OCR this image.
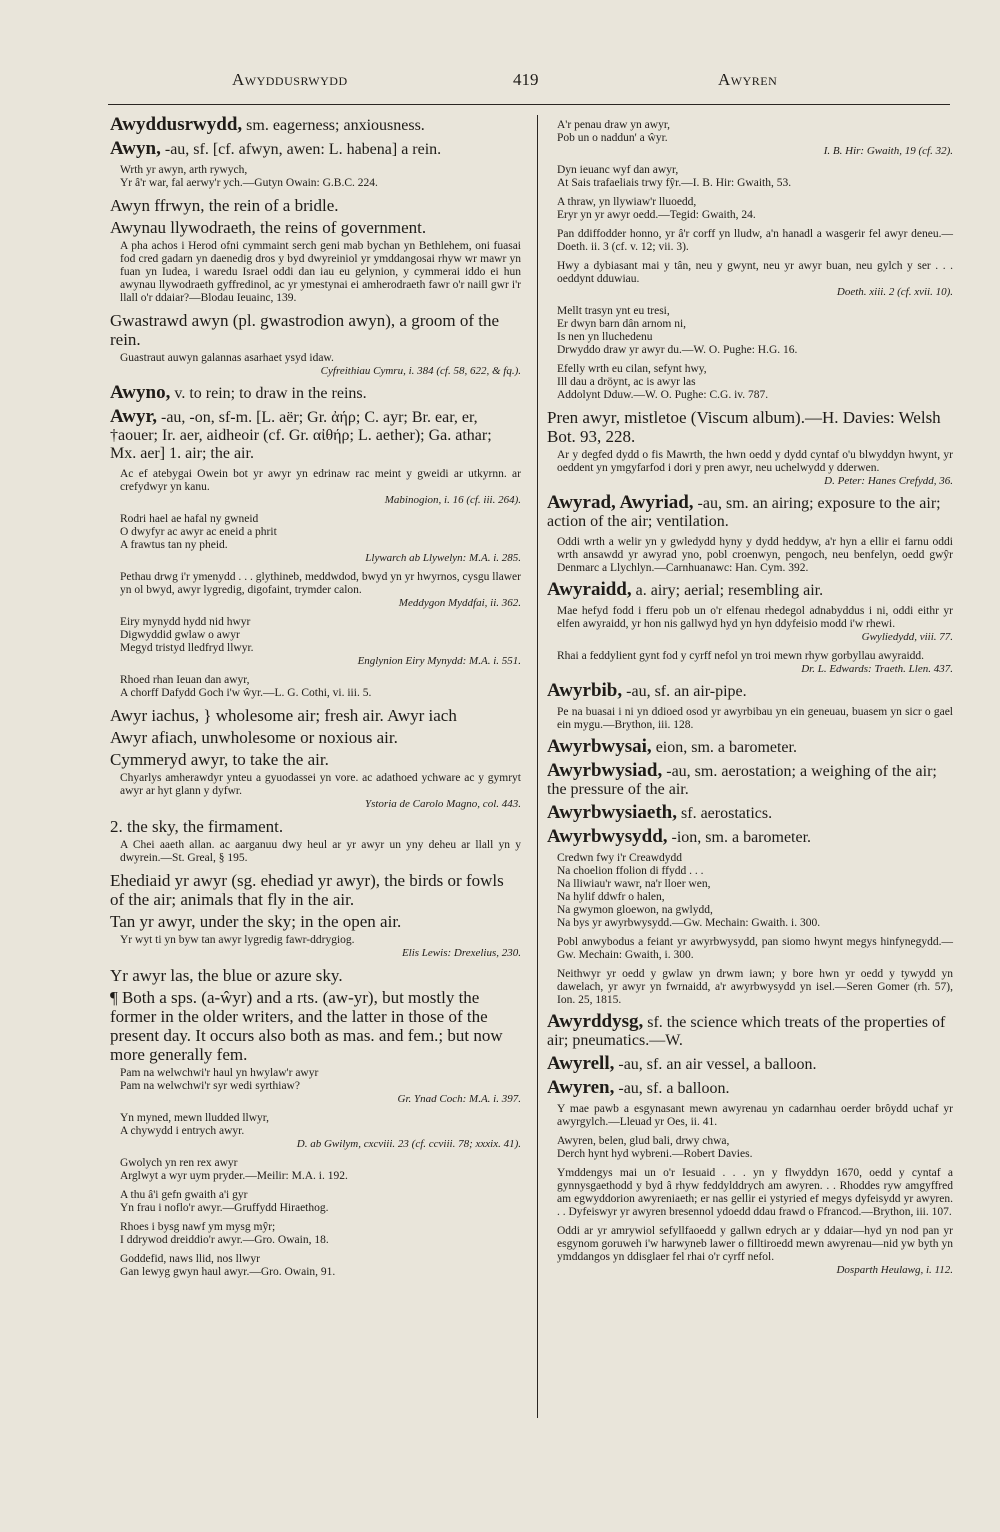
Awyddusrwydd	419	Awyren

Awyddusrwydd, sm. eagerness; anxiousness.

Awyn, -au, sf. [cf. afwyn, awen: L. habena] a rein.

Wrth yr awyn, arth rywych,
Yr â'r war, fal aerwy'r ych.—Gutyn Owain: G.B.C. 224.

Awyn ffrwyn, the rein of a bridle.

Awynau llywodraeth, the reins of government.

A pha achos i Herod ofni cymmaint serch geni mab bychan yn Bethlehem, oni fuasai fod cred gadarn yn daenedig dros y byd dwyreiniol yr ymddangosai rhyw wr mawr yn fuan yn Iudea, i waredu Israel oddi dan iau eu gelynion, y cymmerai iddo ei hun awynau llywodraeth gyffredinol, ac yr ymestynai ei amherodraeth fawr o'r naill gwr i'r llall o'r ddaiar?—Blodau Ieuainc, 139.

Gwastrawd awyn (pl. gwastrodion awyn), a groom of the rein.

Guastraut auwyn galannas asarhaet ysyd idaw.
Cyfreithiau Cymru, i. 384 (cf. 58, 622, & fq.).

Awyno, v. to rein; to draw in the reins.

Awyr, -au, -on, sf-m. [L. aër; Gr. ἀήρ; C. ayr; Br. ear, er, †aouer; Ir. aer, aidheoir (cf. Gr. αἰθήρ; L. aether); Ga. athar; Mx. aer] 1. air; the air.

Ac ef atebygai Owein bot yr awyr yn edrinaw rac meint y gweidi ar utkyrnn. ar crefydwyr yn kanu.
Mabinogion, i. 16 (cf. iii. 264).
Rodri hael ae hafal ny gwneid
O dwyfyr ac awyr ac eneid a phrit
A frawtus tan ny pheid.
Llywarch ab Llywelyn: M.A. i. 285.
Pethau drwg i'r ymenydd . . . glythineb, meddwdod, bwyd yn yr hwyrnos, cysgu llawer yn ol bwyd, awyr lygredig, digofaint, trymder calon.
Meddygon Myddfai, ii. 362.
Eiry mynydd hydd nid hwyr
Digwyddid gwlaw o awyr
Megyd tristyd lledfryd llwyr.
Englynion Eiry Mynydd: M.A. i. 551.
Rhoed rhan Ieuan dan awyr,
A chorff Dafydd Goch i'w ŵyr.—L. G. Cothi, vi. iii. 5.

Awyr iachus, } wholesome air; fresh air. Awyr iach

Awyr afiach, unwholesome or noxious air.

Cymmeryd awyr, to take the air.

Chyarlys amherawdyr ynteu a gyuodassei yn vore. ac adathoed ychware ac y gymryt awyr ar hyt glann y dyfwr.
Ystoria de Carolo Magno, col. 443.

2. the sky, the firmament.

A Chei aaeth allan. ac aarganuu dwy heul ar yr awyr un yny deheu ar llall yn y dwyrein.—St. Greal, § 195.

Ehediaid yr awyr (sg. ehediad yr awyr), the birds or fowls of the air; animals that fly in the air.

Tan yr awyr, under the sky; in the open air.

Yr wyt ti yn byw tan awyr lygredig fawr-ddrygiog.
Elis Lewis: Drexelius, 230.

Yr awyr las, the blue or azure sky.

¶ Both a sps. (a-ŵyr) and a rts. (aw-yr), but mostly the former in the older writers, and the latter in those of the present day. It occurs also both as mas. and fem.; but now more generally fem.

Pam na welwchwi'r haul yn hwylaw'r awyr
Pam na welwchwi'r syr wedi syrthiaw?
Gr. Ynad Coch: M.A. i. 397.
Yn myned, mewn lludded llwyr,
A chywydd i entrych awyr.
D. ab Gwilym, cxcviii. 23 (cf. ccviii. 78; xxxix. 41).
Gwolych yn ren rex awyr
Arglwyt a wyr uym pryder.—Meilir: M.A. i. 192.
A thu â'i gefn gwaith a'i gyr
Yn frau i noflo'r awyr.—Gruffydd Hiraethog.
Rhoes i bysg nawf ym mysg mŷr;
I ddrywod dreiddio'r awyr.—Gro. Owain, 18.
Goddefid, naws llid, nos llwyr
Gan lewyg gwyn haul awyr.—Gro. Owain, 91.
A'r penau draw yn awyr,
Pob un o naddun' a ŵyr.
I. B. Hir: Gwaith, 19 (cf. 32).
Dyn ieuanc wyf dan awyr,
At Sais trafaeliais trwy fŷr.—I. B. Hir: Gwaith, 53.
A thraw, yn llywiaw'r lluoedd,
Eryr yn yr awyr oedd.—Tegid: Gwaith, 24.
Pan ddiffodder honno, yr â'r corff yn lludw, a'n hanadl a wasgerir fel awyr deneu.—Doeth. ii. 3 (cf. v. 12; vii. 3).
Hwy a dybiasant mai y tân, neu y gwynt, neu yr awyr buan, neu gylch y ser . . . oeddynt dduwiau.
Doeth. xiii. 2 (cf. xvii. 10).
Mellt trasyn ynt eu tresi,
Er dwyn barn dân arnom ni,
Is nen yn lluchedenu
Drwyddo draw yr awyr du.—W. O. Pughe: H.G. 16.
Efelly wrth eu cilan, sefynt hwy,
Ill dau a dröynt, ac is awyr las
Addolynt Dduw.—W. O. Pughe: C.G. iv. 787.

Pren awyr, mistletoe (Viscum album).—H. Davies: Welsh Bot. 93, 228.

Ar y degfed dydd o fis Mawrth, the hwn oedd y dydd cyntaf o'u blwyddyn hwynt, yr oeddent yn ymgyfarfod i dori y pren awyr, neu uchelwydd y dderwen.
D. Peter: Hanes Crefydd, 36.

Awyrad, Awyriad, -au, sm. an airing; exposure to the air; action of the air; ventilation.

Oddi wrth a welir yn y gwledydd hyny y dydd heddyw, a'r hyn a ellir ei farnu oddi wrth ansawdd yr awyrad yno, pobl croenwyn, pengoch, neu benfelyn, oedd gwŷr Denmarc a Llychlyn.—Carnhuanawc: Han. Cym. 392.

Awyraidd, a. airy; aerial; resembling air.

Mae hefyd fodd i fferu pob un o'r elfenau rhedegol adnabyddus i ni, oddi eithr yr elfen awyraidd, yr hon nis gallwyd hyd yn hyn ddyfeisio modd i'w rhewi.
Gwyliedydd, viii. 77.
Rhai a feddylient gynt fod y cyrff nefol yn troi mewn rhyw gorbyllau awyraidd.
Dr. L. Edwards: Traeth. Llen. 437.

Awyrbib, -au, sf. an air-pipe.

Pe na buasai i ni yn ddioed osod yr awyrbibau yn ein geneuau, buasem yn sicr o gael ein mygu.—Brython, iii. 128.

Awyrbwysai, eion, sm. a barometer.

Awyrbwysiad, -au, sm. aerostation; a weighing of the air; the pressure of the air.

Awyrbwysiaeth, sf. aerostatics.

Awyrbwysydd, -ion, sm. a barometer.

Credwn fwy i'r Creawdydd
Na choelion ffolion di ffydd . . .
Na lliwiau'r wawr, na'r lloer wen,
Na hylif ddwfr o halen,
Na gwymon gloewon, na gwlydd,
Na bys yr awyrbwysydd.—Gw. Mechain: Gwaith. i. 300.
Pobl anwybodus a feiant yr awyrbwysydd, pan siomo hwynt megys hinfynegydd.—Gw. Mechain: Gwaith, i. 300.
Neithwyr yr oedd y gwlaw yn drwm iawn; y bore hwn yr oedd y tywydd yn dawelach, yr awyr yn fwrnaidd, a'r awyrbwysydd yn isel.—Seren Gomer (rh. 57), Ion. 25, 1815.

Awyrddysg, sf. the science which treats of the properties of air; pneumatics.—W.

Awyrell, -au, sf. an air vessel, a balloon.

Awyren, -au, sf. a balloon.

Y mae pawb a esgynasant mewn awyrenau yn cadarnhau oerder brôydd uchaf yr awyrgylch.—Lleuad yr Oes, ii. 41.
Awyren, belen, glud bali, drwy chwa,
Derch hynt hyd wybreni.—Robert Davies.
Ymddengys mai un o'r Iesuaid . . . yn y flwyddyn 1670, oedd y cyntaf a gynnysgaethodd y byd â rhyw feddylddrych am awyren. . . Rhoddes ryw amgyffred am egwyddorion awyreniaeth; er nas gellir ei ystyried ef megys dyfeisydd yr awyren. . . Dyfeiswyr yr awyren bresennol ydoedd ddau frawd o Ffrancod.—Brython, iii. 107.
Oddi ar yr amrywiol sefyllfaoedd y gallwn edrych ar y ddaiar—hyd yn nod pan yr esgynom goruweh i'w harwyneb lawer o filltiroedd mewn awyrenau—nid yw byth yn ymddangos yn ddisglaer fel rhai o'r cyrff nefol.
Dosparth Heulawg, i. 112.
